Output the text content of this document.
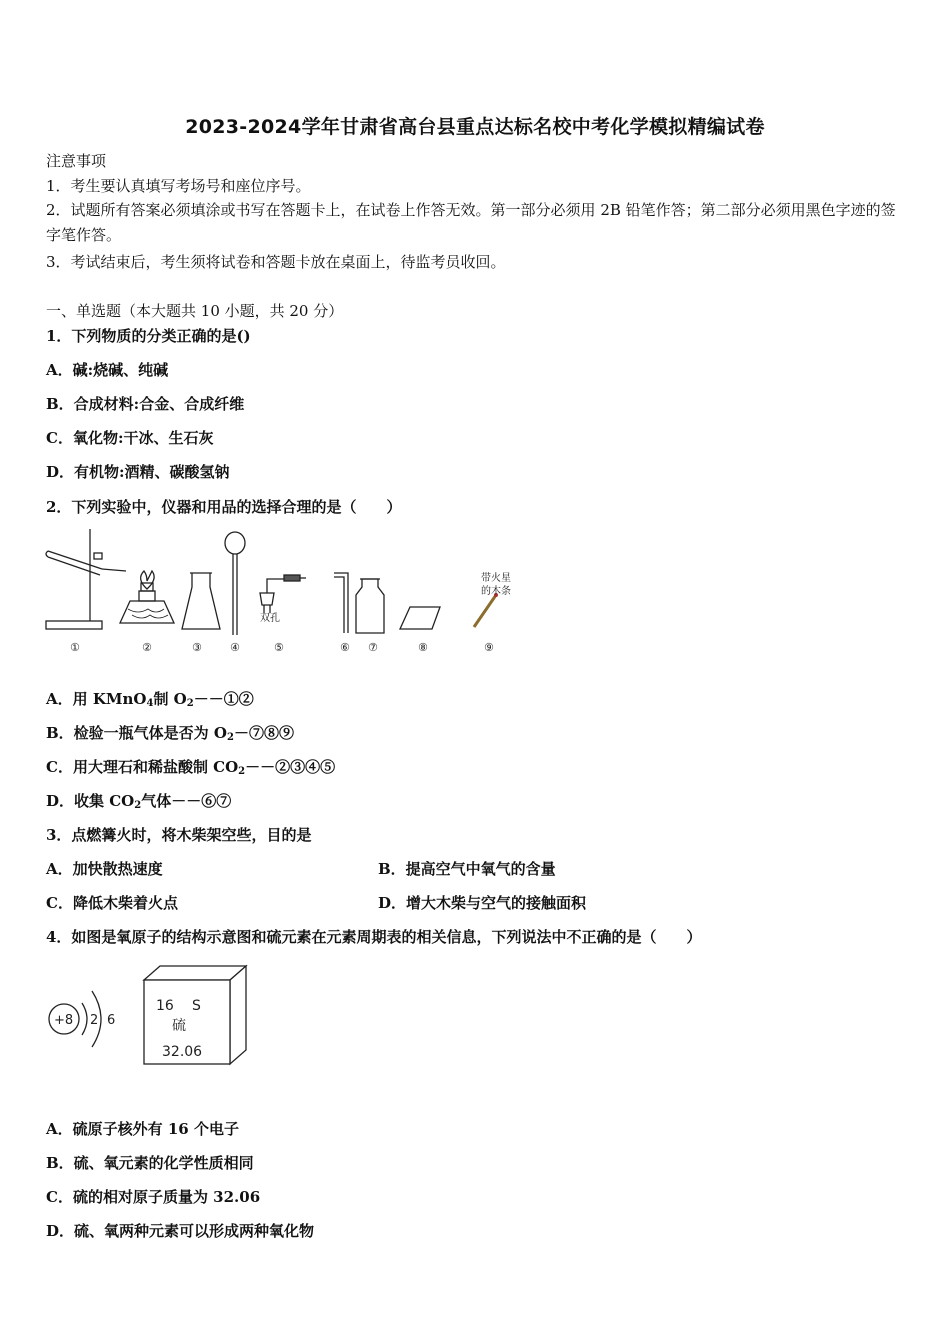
2023-2024学年甘肃省高台县重点达标名校中考化学模拟精编试卷
注意事项
1．考生要认真填写考场号和座位序号。
2．试题所有答案必须填涂或书写在答题卡上，在试卷上作答无效。第一部分必须用 2B 铅笔作答；第二部分必须用黑色字迹的签字笔作答。
3．考试结束后，考生须将试卷和答题卡放在桌面上，待监考员收回。
一、单选题（本大题共 10 小题，共 20 分）
1．下列物质的分类正确的是()
A．碱:烧碱、纯碱
B．合成材料:合金、合成纤维
C．氧化物:干冰、生石灰
D．有机物:酒精、碳酸氢钠
2．下列实验中，仪器和用品的选择合理的是（　　）
双孔
带火星
的木条
①	②	③	④	⑤	⑥ ⑦	⑧	⑨
A．用 KMnO$_4$制 $O_2--①②$
B．检验一瓶气体是否为 $O_2-⑦⑧⑨$
C．用大理石和稀盐酸制 $CO_2--②③④⑤$
D．收集 $CO_2$气体－－⑥⑦
3．点燃篝火时，将木柴架空些，目的是
A．加快散热速度	B．提高空气中氧气的含量
C．降低木柴着火点	D．增大木柴与空气的接触面积
4．如图是氧原子的结构示意图和硫元素在元素周期表的相关信息，下列说法中不正确的是（　　）
+8 2 6
16 S
硫
32.06
A．硫原子核外有 16 个电子
B．硫、氧元素的化学性质相同
C．硫的相对原子质量为 32.06
D．硫、氧两种元素可以形成两种氧化物
